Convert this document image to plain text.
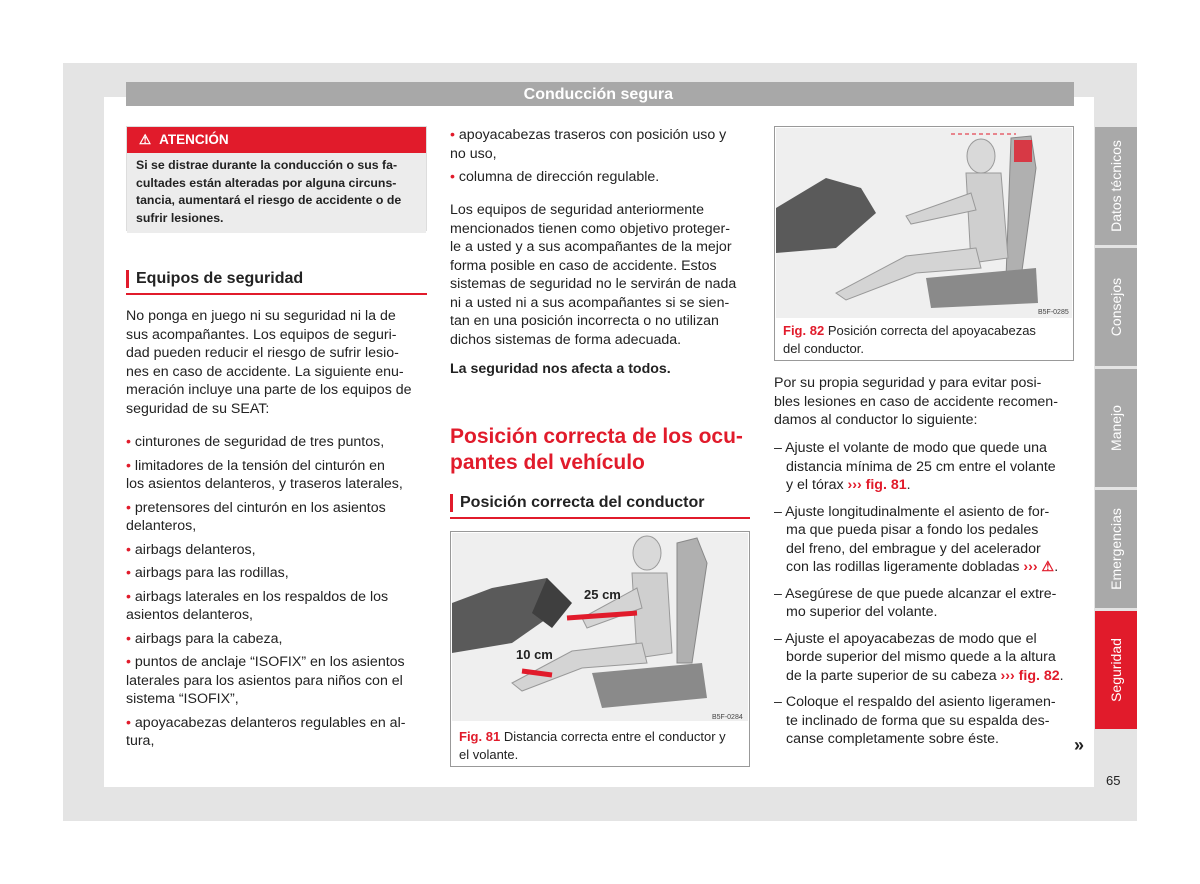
Conducción segura
⚠ ATENCIÓN
Si se distrae durante la conducción o sus fa-
cultades están alteradas por alguna circuns-
tancia, aumentará el riesgo de accidente o de
sufrir lesiones.
Equipos de seguridad
No ponga en juego ni su seguridad ni la de
sus acompañantes. Los equipos de seguri-
dad pueden reducir el riesgo de sufrir lesio-
nes en caso de accidente. La siguiente enu-
meración incluye una parte de los equipos de
seguridad de su SEAT:
• cinturones de seguridad de tres puntos,
• limitadores de la tensión del cinturón en
los asientos delanteros, y traseros laterales,
• pretensores del cinturón en los asientos
delanteros,
• airbags delanteros,
• airbags para las rodillas,
• airbags laterales en los respaldos de los
asientos delanteros,
• airbags para la cabeza,
• puntos de anclaje “ISOFIX” en los asientos
laterales para los asientos para niños con el
sistema “ISOFIX”,
• apoyacabezas delanteros regulables en al-
tura,
• apoyacabezas traseros con posición uso y
no uso,
• columna de dirección regulable.
Los equipos de seguridad anteriormente
mencionados tienen como objetivo proteger-
le a usted y a sus acompañantes de la mejor
forma posible en caso de accidente. Estos
sistemas de seguridad no le servirán de nada
ni a usted ni a sus acompañantes si se sien-
tan en una posición incorrecta o no utilizan
dichos sistemas de forma adecuada.
La seguridad nos afecta a todos.
Posición correcta de los ocu-
pantes del vehículo
Posición correcta del conductor
25 cm
10 cm
B5F-0284
Fig. 81 Distancia correcta entre el conductor y
el volante.
B5F-0285
Fig. 82 Posición correcta del apoyacabezas
del conductor.
Por su propia seguridad y para evitar posi-
bles lesiones en caso de accidente recomen-
damos al conductor lo siguiente:
– Ajuste el volante de modo que quede una
distancia mínima de 25 cm entre el volante
y el tórax ››› fig. 81.
– Ajuste longitudinalmente el asiento de for-
ma que pueda pisar a fondo los pedales
del freno, del embrague y del acelerador
con las rodillas ligeramente dobladas ››› ⚠.
– Asegúrese de que puede alcanzar el extre-
mo superior del volante.
– Ajuste el apoyacabezas de modo que el
borde superior del mismo quede a la altura
de la parte superior de su cabeza ››› fig. 82.
– Coloque el respaldo del asiento ligeramen-
te inclinado de forma que su espalda des-
canse completamente sobre éste.	»
Datos técnicos
Consejos
Manejo
Emergencias
Seguridad
65
